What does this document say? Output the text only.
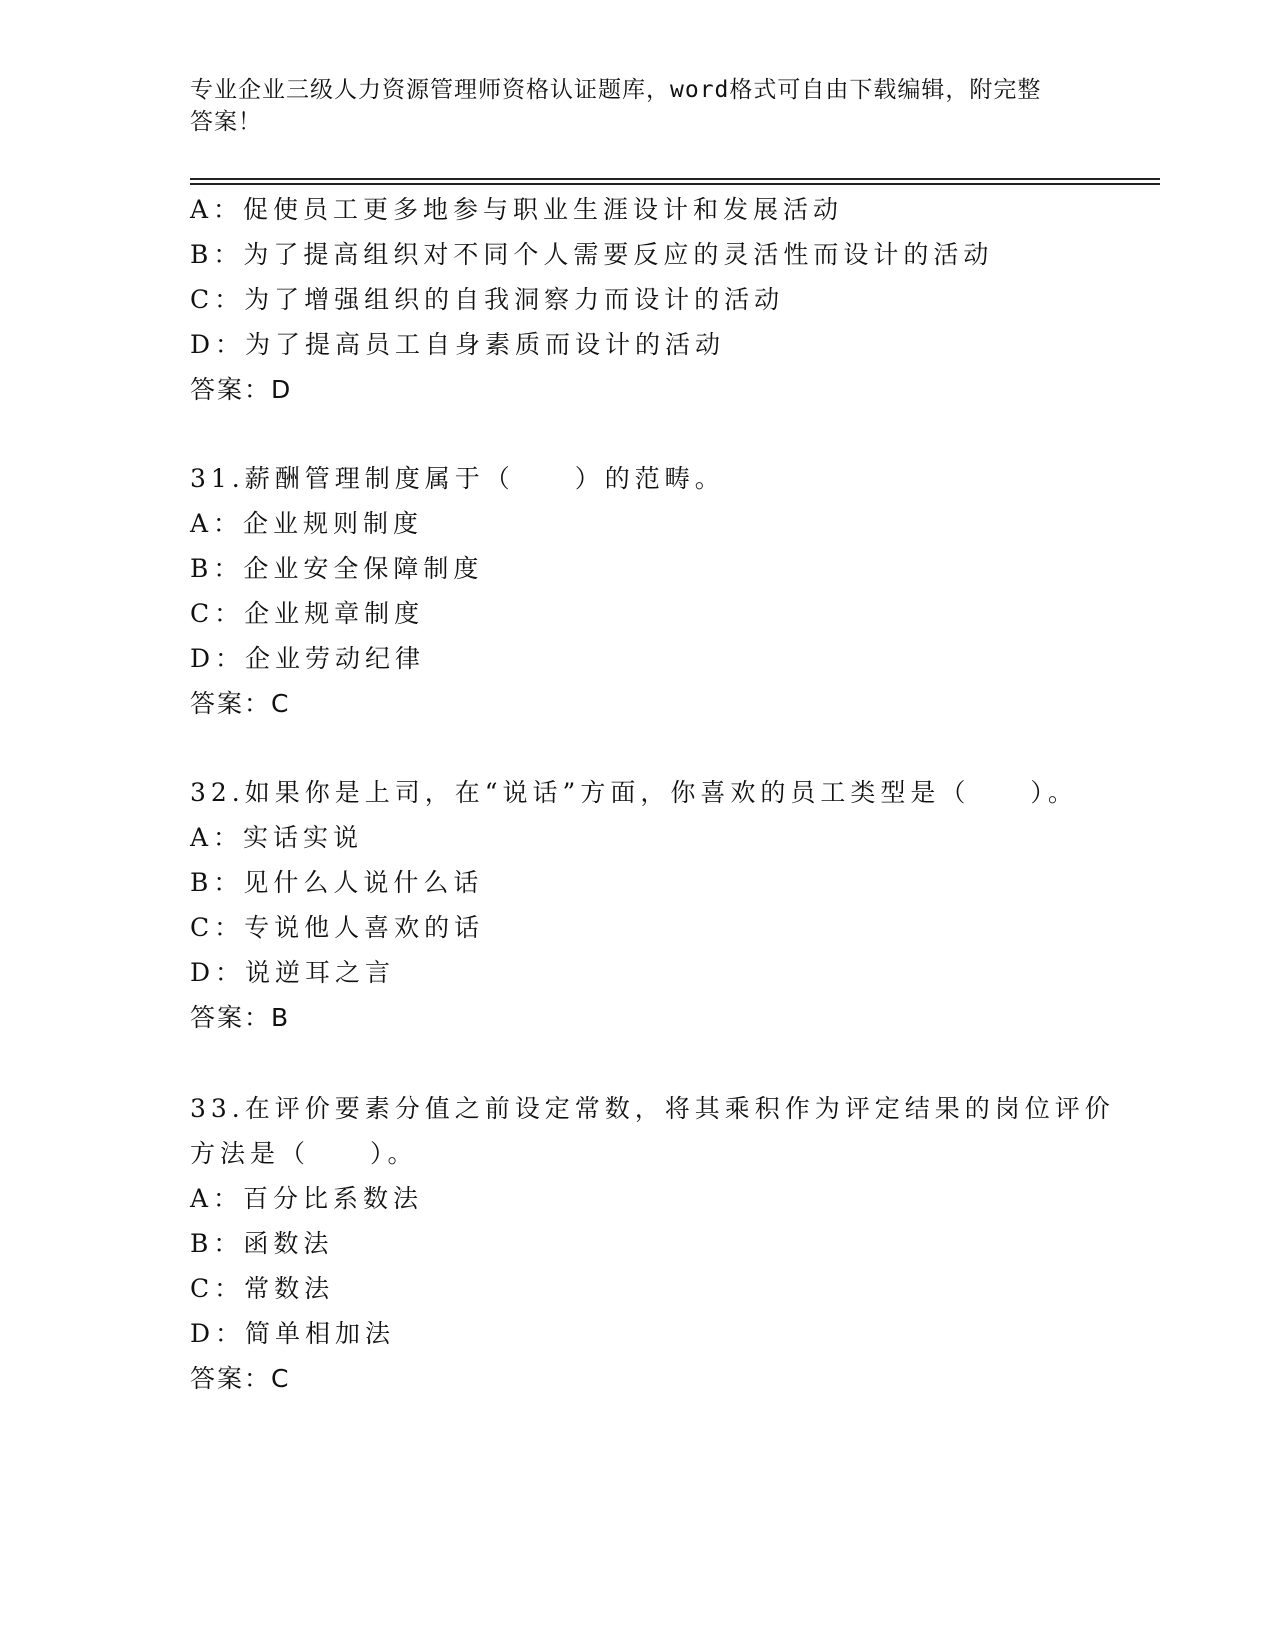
专业企业三级人力资源管理师资格认证题库，word格式可自由下载编辑，附完整
答案！
A：促使员工更多地参与职业生涯设计和发展活动
B：为了提高组织对不同个人需要反应的灵活性而设计的活动
C：为了增强组织的自我洞察力而设计的活动
D：为了提高员工自身素质而设计的活动
答案：D
31.薪酬管理制度属于（　　）的范畴。
A：企业规则制度
B：企业安全保障制度
C：企业规章制度
D：企业劳动纪律
答案：C
32.如果你是上司，在“说话”方面，你喜欢的员工类型是（　　）。
A：实话实说
B：见什么人说什么话
C：专说他人喜欢的话
D：说逆耳之言
答案：B
33.在评价要素分值之前设定常数，将其乘积作为评定结果的岗位评价
方法是（　　）。
A：百分比系数法
B：函数法
C：常数法
D：简单相加法
答案：C
